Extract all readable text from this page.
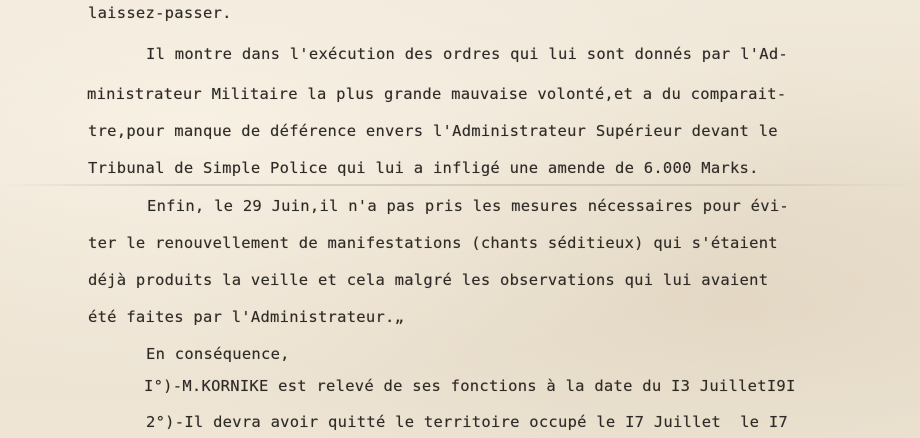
laissez-passer.

Il montre dans l'exécution des ordres qui lui sont donnés par l'Ad-

ministrateur Militaire la plus grande mauvaise volonté,et a du comparait-

tre,pour manque de déférence envers l'Administrateur Supérieur devant le

Tribunal de Simple Police qui lui a infligé une amende de 6.000 Marks.

Enfin, le 29 Juin,il n'a pas pris les mesures nécessaires pour évi-

ter le renouvellement de manifestations (chants séditieux) qui s'étaient

déjà produits la veille et cela malgré les observations qui lui avaient

été faites par l'Administrateur.„

En conséquence,

I°)-M.KORNIKE est relevé de ses fonctions à la date du I3 JuilletI9I

2°)-Il devra avoir quitté le territoire occupé le I7 Juillet  le I7
